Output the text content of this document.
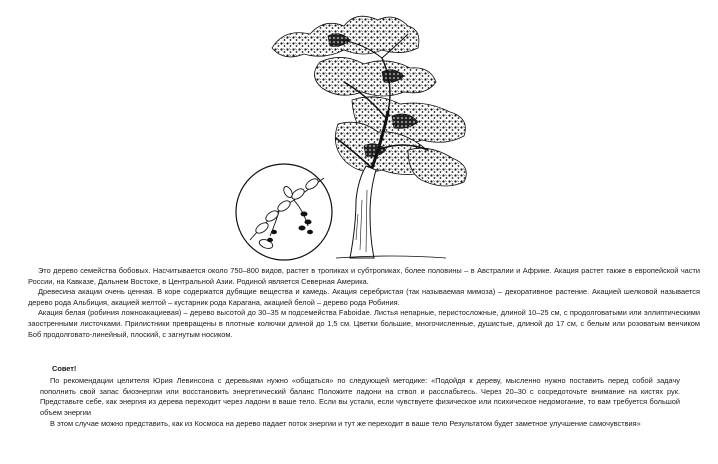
Это дерево семейства бобовых. Насчитывается около 750–800 видов, растет в тропиках и субтропиках, более половины – в Австралии и Африке. Акация растет также в европейской части России, на Кавказе, Дальнем Востоке, в Центральной Азии. Родиной является Северная Америка.

Древесина акации очень ценная. В коре содержатся дубящие вещества и камедь. Акация серебристая (так называемая мимоза) – декоративное растение. Акацией шелковой называется дерево рода Альбиция, акацией желтой – кустарник рода Карагана, акацией белой – дерево рода Робиния.

Акация белая (робиния ложноакациевая) – дерево высотой до 30–35 м подсемейства Faboidae. Листья непарные, перистосложные, длиной 10–25 см, с продолговатыми или эллиптическими заостренными листочками. Прилистники превращены в плотные колючки длиной до 1,5 см. Цветки большие, многочисленные, душистые, длиной до 17 см, с белым или розоватым венчиком Боб продолговато-линейный, плоский, с загнутым носиком.

Совет!

По рекомендации целителя Юрия Левинсона с деревьями нужно «общаться» по следующей методике: «Подойдя к дереву, мысленно нужно поставить перед собой задачу пополнить свой запас биоэнергии или восстановить энергетический баланс Положите ладони на ствол и расслабьтесь. Через 20–30 с сосредоточьте внимание на кистях рук. Представьте себе, как энергия из дерева переходит через ладони в ваше тело. Если вы устали, если чувствуете физическое или психическое недомогание, то вам требуется большой объем энергии

В этом случае можно представить, как из Космоса на дерево падает поток энергии и тут же переходит в ваше тело Результатом будет заметное улучшение самочувствия»
